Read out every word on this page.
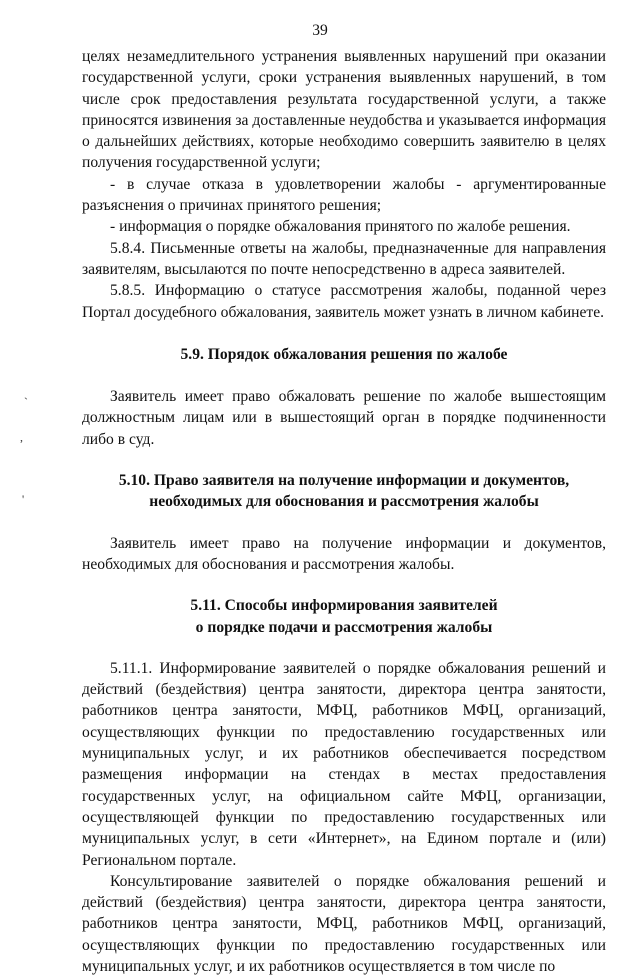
39

целях незамедлительного устранения выявленных нарушений при оказании государственной услуги, сроки устранения выявленных нарушений, в том числе срок предоставления результата государственной услуги, а также приносятся извинения за доставленные неудобства и указывается информация о дальнейших действиях, которые необходимо совершить заявителю в целях получения государственной услуги;

- в случае отказа в удовлетворении жалобы - аргументированные разъяснения о причинах принятого решения;

- информация о порядке обжалования принятого по жалобе решения.

5.8.4. Письменные ответы на жалобы, предназначенные для направления заявителям, высылаются по почте непосредственно в адреса заявителей.

5.8.5. Информацию о статусе рассмотрения жалобы, поданной через Портал досудебного обжалования, заявитель может узнать в личном кабинете.

5.9. Порядок обжалования решения по жалобе

Заявитель имеет право обжаловать решение по жалобе вышестоящим должностным лицам или в вышестоящий орган в порядке подчиненности либо в суд.

5.10. Право заявителя на получение информации и документов,
необходимых для обоснования и рассмотрения жалобы

Заявитель имеет право на получение информации и документов, необходимых для обоснования и рассмотрения жалобы.

5.11. Способы информирования заявителей
о порядке подачи и рассмотрения жалобы

5.11.1. Информирование заявителей о порядке обжалования решений и действий (бездействия) центра занятости, директора центра занятости, работников центра занятости, МФЦ, работников МФЦ, организаций, осуществляющих функции по предоставлению государственных или муниципальных услуг, и их работников обеспечивается посредством размещения информации на стендах в местах предоставления государственных услуг, на официальном сайте МФЦ, организации, осуществляющей функции по предоставлению государственных или муниципальных услуг, в сети «Интернет», на Едином портале и (или) Региональном портале.

Консультирование заявителей о порядке обжалования решений и действий (бездействия) центра занятости, директора центра занятости, работников центра занятости, МФЦ, работников МФЦ, организаций, осуществляющих функции по предоставлению государственных или муниципальных услуг, и их работников осуществляется в том числе по

ˏ
,
'
